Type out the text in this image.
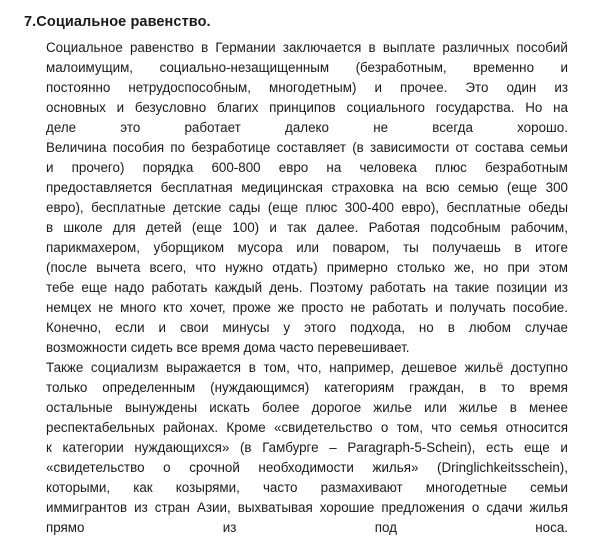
7.Социальное равенство.
Социальное равенство в Германии заключается в выплате различных пособий
малоимущим, социально-незащищенным (безработным, временно и
постоянно нетрудоспособным, многодетным) и прочее. Это один из
основных и безусловно благих принципов социального государства. Но на
деле	это	работает	далеко	не	всегда	хорошо.
Величина пособия по безработице составляет (в зависимости от состава семьи
и прочего) порядка 600-800 евро на человека плюс безработным
предоставляется бесплатная медицинская страховка на всю семью (еще 300
евро), бесплатные детские сады (еще плюс 300-400 евро), бесплатные обеды
в школе для детей (еще 100) и так далее. Работая подсобным рабочим,
парикмахером, уборщиком мусора или поваром, ты получаешь в итоге
(после вычета всего, что нужно отдать) примерно столько же, но при этом
тебе еще надо работать каждый день. Поэтому работать на такие позиции из
немцех не много кто хочет, проже же просто не работать и получать пособие.
Конечно, если и свои минусы у этого подхода, но в любом случае
возможности сидеть все время дома часто перевешивает.
Также социализм выражается в том, что, например, дешевое жильё доступно
только определенным (нуждающимся) категориям граждан, в то время
остальные вынуждены искать более дорогое жилье или жилье в менее
респектабельных районах. Кроме «свидетельство о том, что семья относится
к категории нуждающихся» (в Гамбурге – Paragraph-5-Schein), есть еще и
«свидетельство о срочной необходимости жилья» (Dringlichkeitsschein),
которыми, как козырями, часто размахивают многодетные семьи
иммигрантов из стран Азии, выхватывая хорошие предложения о сдачи жилья
прямо	из	под	носа.
